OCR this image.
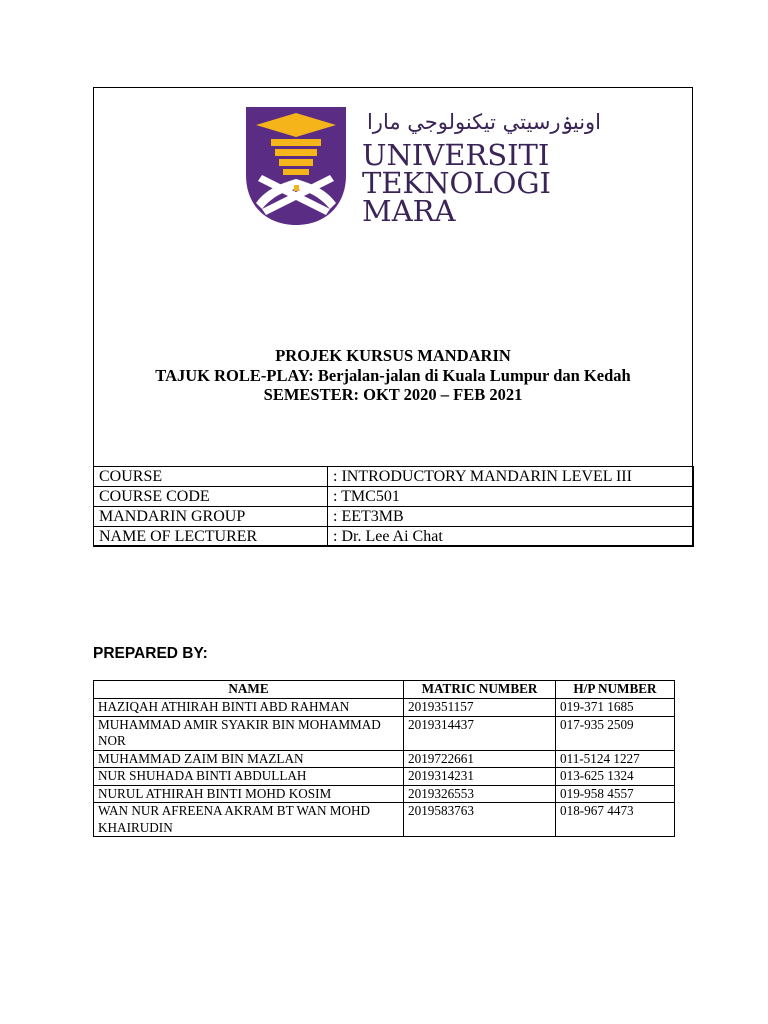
اونيۏرسيتي تيكنولوجي مارا
UNIVERSITI
TEKNOLOGI
MARA
PROJEK KURSUS MANDARIN
TAJUK ROLE-PLAY: Berjalan-jalan di Kuala Lumpur dan Kedah
SEMESTER: OKT 2020 – FEB 2021
COURSE	: INTRODUCTORY MANDARIN LEVEL III
COURSE CODE	: TMC501
MANDARIN GROUP	: EET3MB
NAME OF LECTURER	: Dr. Lee Ai Chat
PREPARED BY:
NAME	MATRIC NUMBER	H/P NUMBER
HAZIQAH ATHIRAH BINTI ABD RAHMAN	2019351157	019-371 1685
MUHAMMAD AMIR SYAKIR BIN MOHAMMAD NOR	2019314437	017-935 2509
MUHAMMAD ZAIM BIN MAZLAN	2019722661	011-5124 1227
NUR SHUHADA BINTI ABDULLAH	2019314231	013-625 1324
NURUL ATHIRAH BINTI MOHD KOSIM	2019326553	019-958 4557
WAN NUR AFREENA AKRAM BT WAN MOHD KHAIRUDIN	2019583763	018-967 4473
